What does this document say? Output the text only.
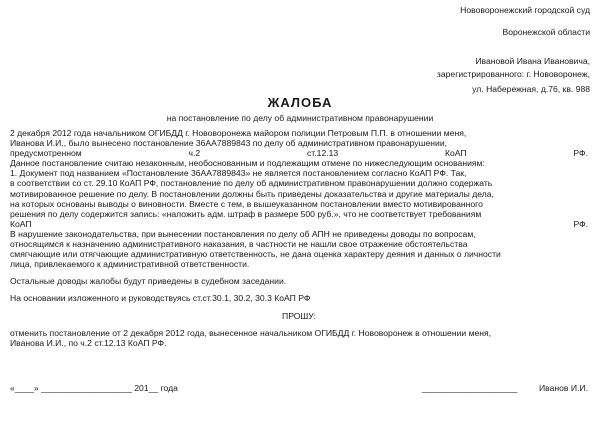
Нововоронежский городской суд
Воронежской области
Ивановой Ивана Ивановича,
зарегистрированного: г. Нововоронеж,
ул. Набережная, д.76, кв. 988
ЖАЛОБА
на постановление по делу об административном правонарушении
2 декабря 2012 года начальником ОГИБДД г. Нововоронежа майором полиции Петровым П.П. в отношении меня,
Иванова И.И., было вынесено постановление 36АА7889843 по делу об административном правонарушении,
предусмотренном	ч.2	ст.12.13	КоАП	РФ.
Данное постановление считаю незаконным, необоснованным и подлежащим отмене по нижеследующим основаниям:
1. Документ под названием «Постановление 36АА7889843» не является постановлением согласно КоАП РФ. Так,
в соответствии со ст. 29.10 КоАП РФ, постановление по делу об административном правонарушении должно содержать
мотивированное решение по делу. В постановлении должны быть приведены доказательства и другие материалы дела,
на которых основаны выводы о виновности. Вместе с тем, в вышеуказанном постановлении вместо мотивированного
решения по делу содержится запись: «наложить адм. штраф в размере 500 руб.», что не соответствует требованиям
КоАП	РФ.
В нарушение законодательства, при вынесении постановления по делу об АПН не приведены доводы по вопросам,
относящимся к назначению административного наказания, в частности не нашли свое отражение обстоятельства
смягчающие или отягчающие административную ответственность, не дана оценка характеру деяния и данных о личности
лица, привлекаемого к административной ответственности.
Остальные доводы жалобы будут приведены в судебном заседании.
На основании изложенного и руководствуясь ст.ст.30.1, 30.2, 30.3 КоАП РФ
ПРОШУ:
отменить постановление от 2 декабря 2012 года, вынесенное начальником ОГИБДД г. Нововоронеж в отношении меня,
Иванова И.И., по ч.2 ст.12.13 КоАП РФ.
«____» ___________________ 201__ года	____________________	Иванов И.И.
